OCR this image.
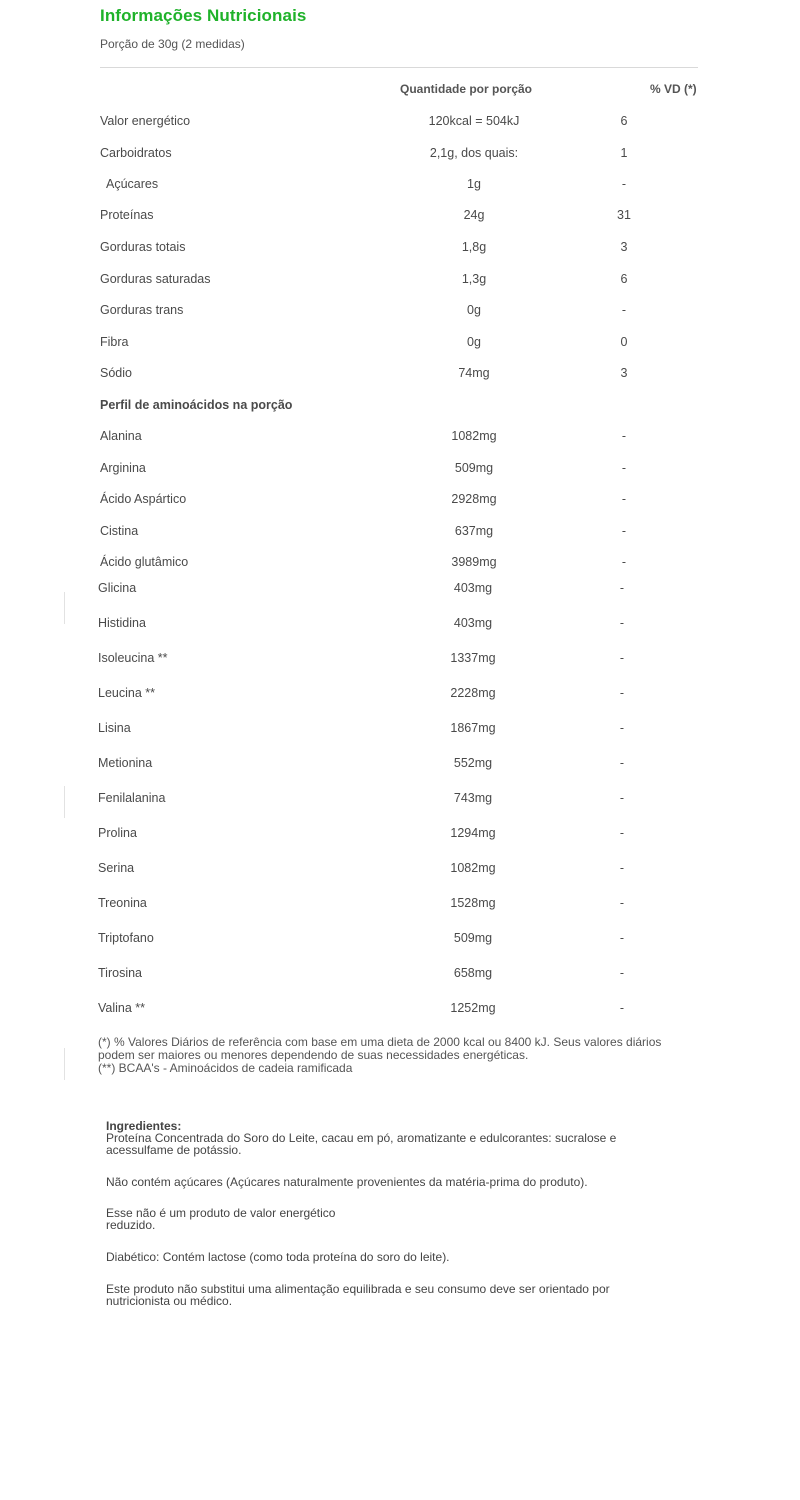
Informações Nutricionais
Porção de 30g (2 medidas)
Quantidade por porção	% VD (*)
Valor energético	120kcal = 504kJ	6
Carboidratos	2,1g, dos quais:	1
Açúcares	1g	-
Proteínas	24g	31
Gorduras totais	1,8g	3
Gorduras saturadas	1,3g	6
Gorduras trans	0g	-
Fibra	0g	0
Sódio	74mg	3
Perfil de aminoácidos na porção
Alanina	1082mg	-
Arginina	509mg	-
Ácido Aspártico	2928mg	-
Cistina	637mg	-
Ácido glutâmico	3989mg	-
Glicina	403mg	-
Histidina	403mg	-
Isoleucina **	1337mg	-
Leucina **	2228mg	-
Lisina	1867mg	-
Metionina	552mg	-
Fenilalanina	743mg	-
Prolina	1294mg	-
Serina	1082mg	-
Treonina	1528mg	-
Triptofano	509mg	-
Tirosina	658mg	-
Valina **	1252mg	-
(*) % Valores Diários de referência com base em uma dieta de 2000 kcal ou 8400 kJ. Seus valores diários
podem ser maiores ou menores dependendo de suas necessidades energéticas.
(**) BCAA's - Aminoácidos de cadeia ramificada
Ingredientes:
Proteína Concentrada do Soro do Leite, cacau em pó, aromatizante e edulcorantes: sucralose e
acessulfame de potássio.
Não contém açúcares (Açúcares naturalmente provenientes da matéria-prima do produto).
Esse não é um produto de valor energético
reduzido.
Diabético: Contém lactose (como toda proteína do soro do leite).
Este produto não substitui uma alimentação equilibrada e seu consumo deve ser orientado por
nutricionista ou médico.
